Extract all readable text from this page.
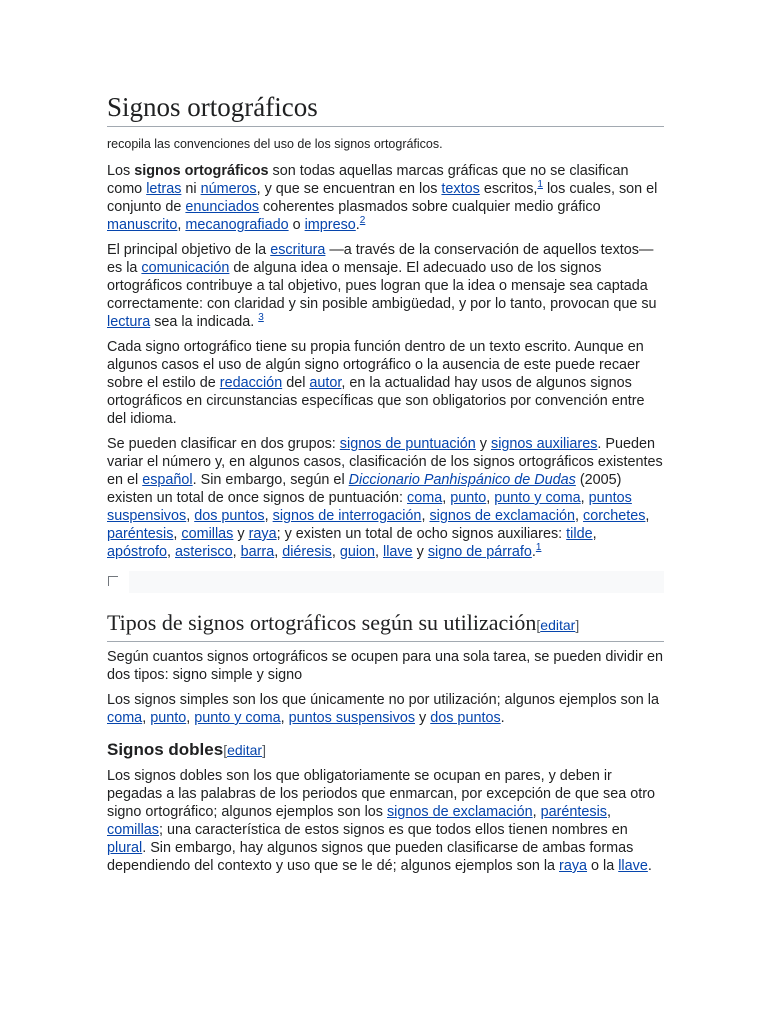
Signos ortográficos
recopila las convenciones del uso de los signos ortográficos.

Los signos ortográficos son todas aquellas marcas gráficas que no se clasifican como letras ni números, y que se encuentran en los textos escritos,$^1$ los cuales, son el conjunto de enunciados coherentes plasmados sobre cualquier medio gráfico manuscrito, mecanografiado o impreso.$^2$

El principal objetivo de la escritura —a través de la conservación de aquellos textos— es la comunicación de alguna idea o mensaje. El adecuado uso de los signos ortográficos contribuye a tal objetivo, pues logran que la idea o mensaje sea captada correctamente: con claridad y sin posible ambigüedad, y por lo tanto, provocan que su lectura sea la indicada. $^3$

Cada signo ortográfico tiene su propia función dentro de un texto escrito. Aunque en algunos casos el uso de algún signo ortográfico o la ausencia de este puede recaer sobre el estilo de redacción del autor, en la actualidad hay usos de algunos signos ortográficos en circunstancias específicas que son obligatorios por convención entre del idioma.

Se pueden clasificar en dos grupos: signos de puntuación y signos auxiliares. Pueden variar el número y, en algunos casos, clasificación de los signos ortográficos existentes en el español. Sin embargo, según el Diccionario Panhispánico de Dudas (2005) existen un total de once signos de puntuación: coma, punto, punto y coma, puntos suspensivos, dos puntos, signos de interrogación, signos de exclamación, corchetes, paréntesis, comillas y raya; y existen un total de ocho signos auxiliares: tilde, apóstrofo, asterisco, barra, diéresis, guion, llave y signo de párrafo.$^1$

Tipos de signos ortográficos según su utilización[editar]

Según cuantos signos ortográficos se ocupen para una sola tarea, se pueden dividir en dos tipos: signo simple y signo

Los signos simples son los que únicamente no por utilización; algunos ejemplos son la coma, punto, punto y coma, puntos suspensivos y dos puntos.

Signos dobles[editar]

Los signos dobles son los que obligatoriamente se ocupan en pares, y deben ir pegadas a las palabras de los periodos que enmarcan, por excepción de que sea otro signo ortográfico; algunos ejemplos son los signos de exclamación, paréntesis, comillas; una característica de estos signos es que todos ellos tienen nombres en plural. Sin embargo, hay algunos signos que pueden clasificarse de ambas formas dependiendo del contexto y uso que se le dé; algunos ejemplos son la raya o la llave.
